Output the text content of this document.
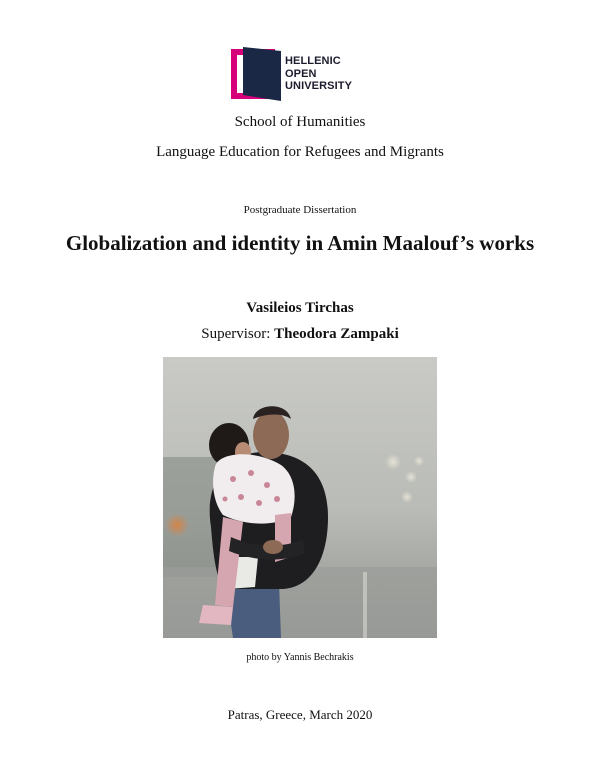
HELLENIC
OPEN
UNIVERSITY
School of Humanities
Language Education for Refugees and Migrants
Postgraduate Dissertation
Globalization and identity in Amin Maalouf’s works
Vasileios Tirchas
Supervisor: Theodora Zampaki
photo by Yannis Bechrakis
Patras, Greece, March 2020
